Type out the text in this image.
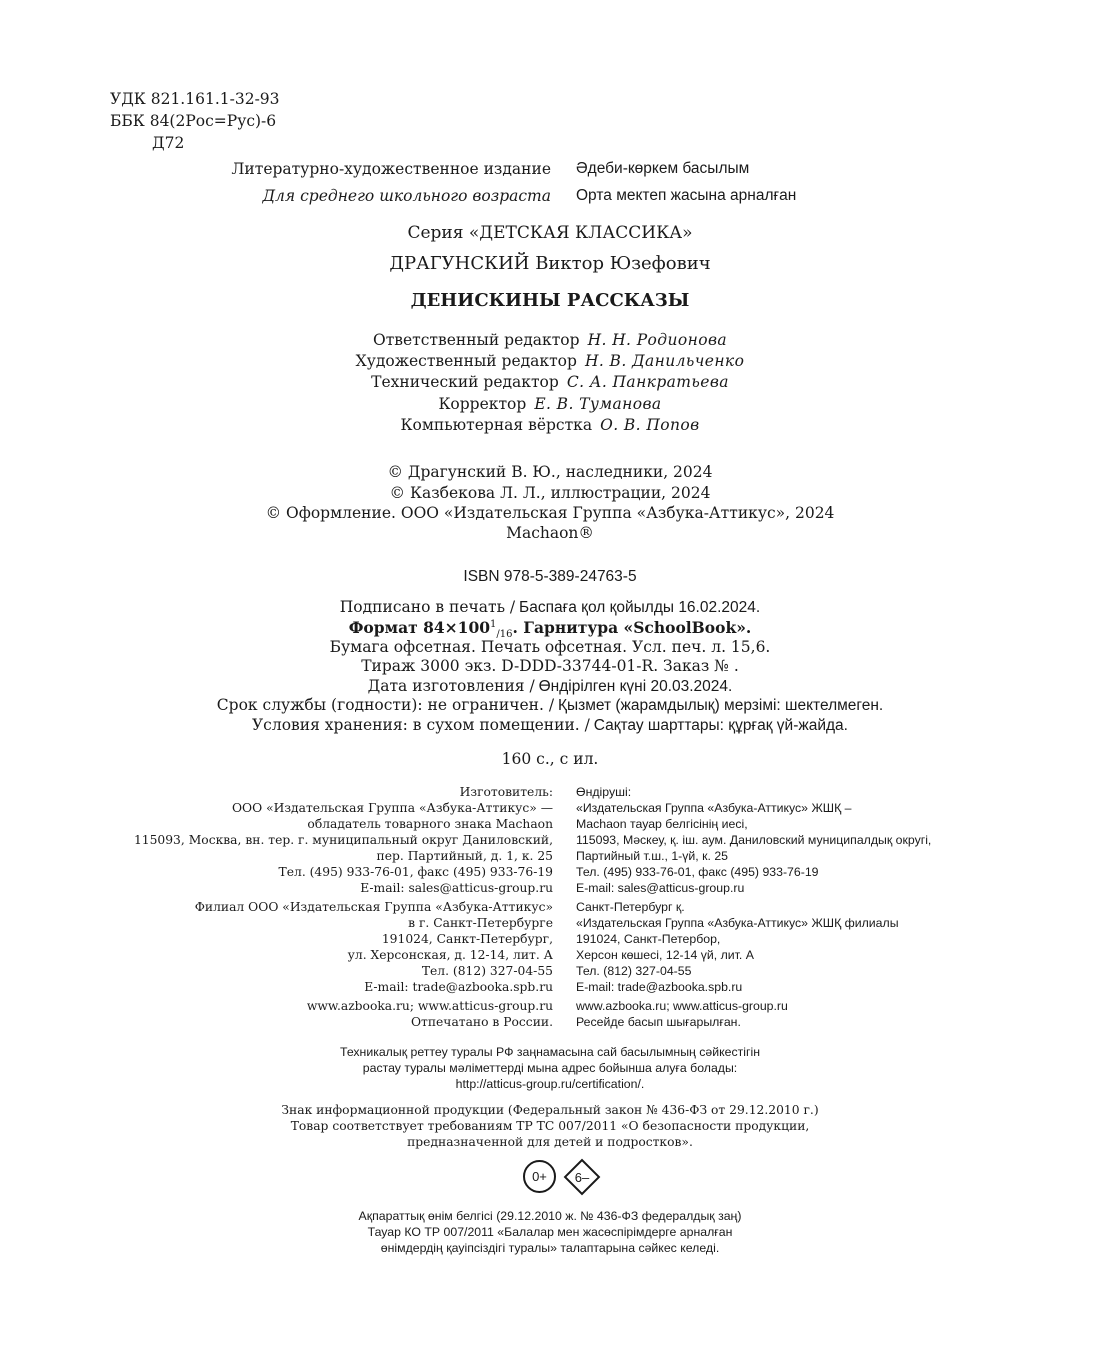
УДК 821.161.1-32-93
ББК 84(2Рос=Рус)-6
Д72
Литературно-художественное издание Әдеби-көркем басылым
Для среднего школьного возраста Орта мектеп жасына арналған
Серия «ДЕТСКАЯ КЛАССИКА»
ДРАГУНСКИЙ Виктор Юзефович
ДЕНИСКИНЫ РАССКАЗЫ
Ответственный редактор Н. Н. Родионова
Художественный редактор Н. В. Данильченко
Технический редактор С. А. Панкратьева
Корректор Е. В. Туманова
Компьютерная вёрстка О. В. Попов
© Драгунский В. Ю., наследники, 2024
© Казбекова Л. Л., иллюстрации, 2024
© Оформление. ООО «Издательская Группа «Азбука-Аттикус», 2024
Machaon®
ISBN 978-5-389-24763-5
Подписано в печать / Баспаға қол қойылды 16.02.2024.
Формат $84\times 100^1_{/16}$. Гарнитура «SchoolBook».
Бумага офсетная. Печать офсетная. Усл. печ. л. 15,6.
Тираж 3000 экз. D-DDD-33744-01-R. Заказ № .
Дата изготовления / Өндірілген күні 20.03.2024.
Срок службы (годности): не ограничен. / Қызмет (жарамдылық) мерзімі: шектелмеген.
Условия хранения: в сухом помещении. / Сақтау шарттары: құрғақ үй-жайда.
160 с., с ил.
Изготовитель:
ООО «Издательская Группа «Азбука-Аттикус» —
обладатель товарного знака Machaon
115093, Москва, вн. тер. г. муниципальный округ Даниловский,
пер. Партийный, д. 1, к. 25
Тел. (495) 933-76-01, факс (495) 933-76-19
E-mail: sales@atticus-group.ru
Өндіруші:
«Издательская Группа «Азбука-Аттикус» ЖШҚ –
Machaon тауар белгісінің иесі,
115093, Мәскеу, қ. іш. аум. Даниловский муниципалдық округі,
Партийный т.ш., 1-үй, к. 25
Тел. (495) 933-76-01, факс (495) 933-76-19
E-mail: sales@atticus-group.ru
Филиал ООО «Издательская Группа «Азбука-Аттикус»
в г. Санкт-Петербурге
191024, Санкт-Петербург,
ул. Херсонская, д. 12-14, лит. А
Тел. (812) 327-04-55
E-mail: trade@azbooka.spb.ru
Санкт-Петербург қ.
«Издательская Группа «Азбука-Аттикус» ЖШҚ филиалы
191024, Санкт-Петербор,
Херсон көшесі, 12-14 үй, лит. А
Тел. (812) 327-04-55
E-mail: trade@azbooka.spb.ru
www.azbooka.ru; www.atticus-group.ru
Отпечатано в России.
www.azbooka.ru; www.atticus-group.ru
Ресейде басып шығарылған.
Техникалық реттеу туралы РФ заңнамасына сай басылымның сәйкестігін
растау туралы мәліметтерді мына адрес бойынша алуға болады:
http://atticus-group.ru/certification/.
Знак информационной продукции (Федеральный закон № 436-ФЗ от 29.12.2010 г.)
Товар соответствует требованиям ТР ТС 007/2011 «О безопасности продукции,
предназначенной для детей и подростков».
0+	6–
Ақпараттық өнім белгісі (29.12.2010 ж. № 436-ФЗ федералдық заң)
Тауар КО ТР 007/2011 «Балалар мен жасөспірімдерге арналған
өнімдердің қауіпсіздігі туралы» талаптарына сәйкес келеді.
